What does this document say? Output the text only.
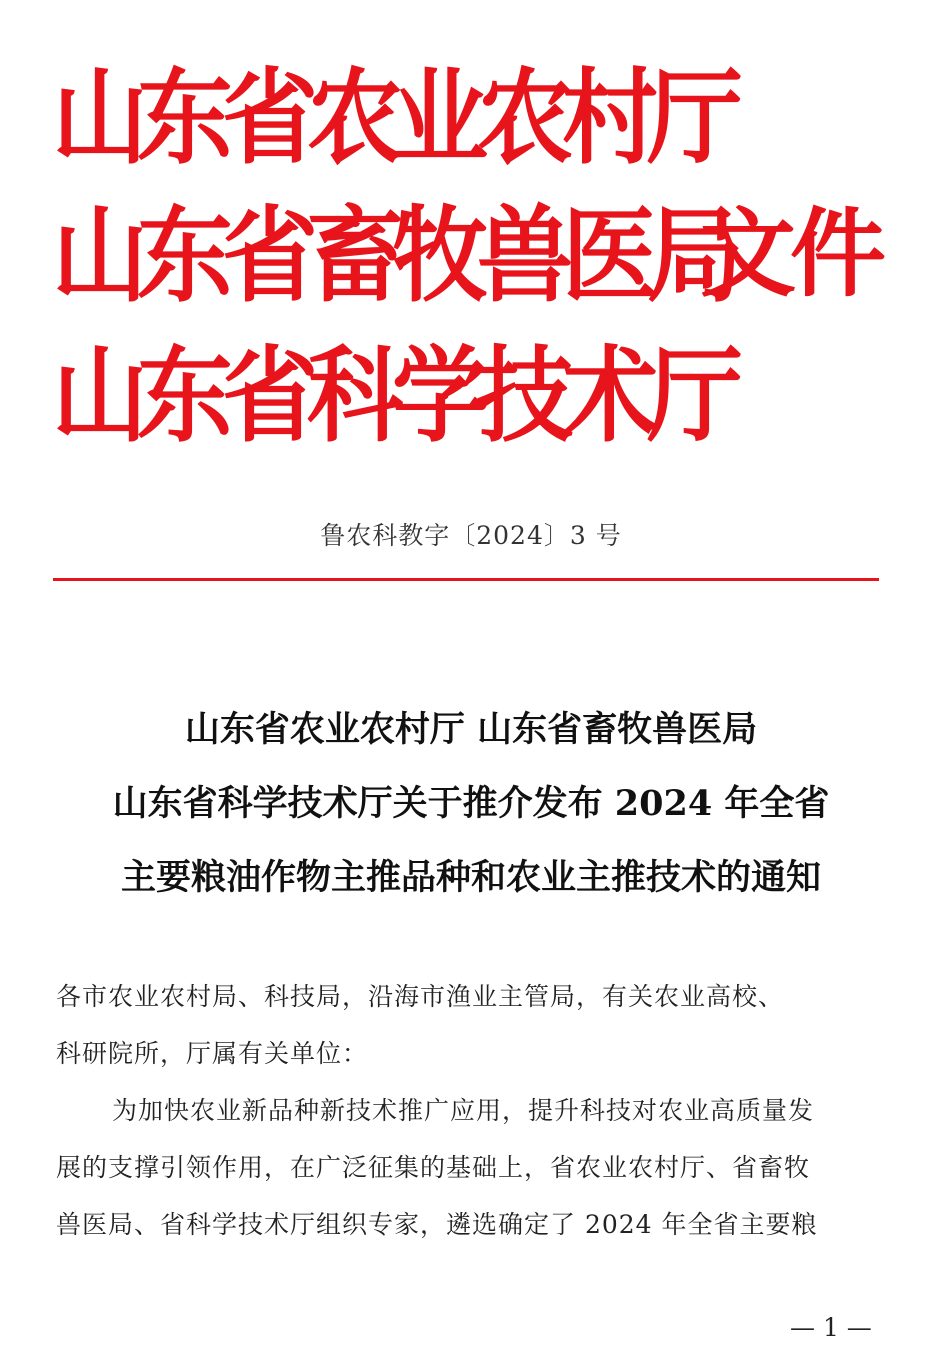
山东省农业农村厅
山东省畜牧兽医局
山东省科学技术厅
文件
鲁农科教字〔2024〕3 号
山东省农业农村厅 山东省畜牧兽医局
山东省科学技术厅关于推介发布 2024 年全省
主要粮油作物主推品种和农业主推技术的通知
各市农业农村局、科技局，沿海市渔业主管局，有关农业高校、
科研院所，厅属有关单位：
为加快农业新品种新技术推广应用，提升科技对农业高质量发
展的支撑引领作用，在广泛征集的基础上，省农业农村厅、省畜牧
兽医局、省科学技术厅组织专家，遴选确定了 2024 年全省主要粮
— 1 —
